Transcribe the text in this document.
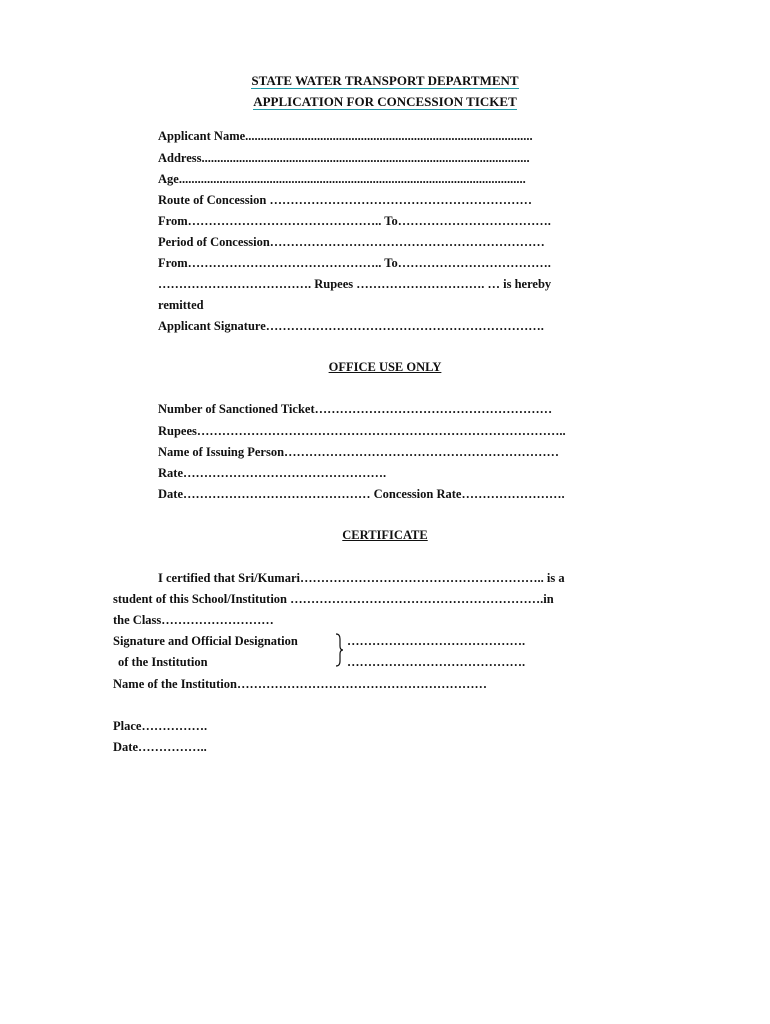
STATE WATER TRANSPORT DEPARTMENT
APPLICATION FOR CONCESSION TICKET
Applicant Name............................................................................................
Address.........................................................................................................
Age...............................................................................................................
Route of Concession ………………………………………………………
From……………………………………….. To……………………………….
Period of Concession…………………………………………………………
From……………………………………….. To……………………………….
………………………………. Rupees …………………………. … is hereby
remitted
Applicant Signature………………………………………………………….
OFFICE USE ONLY
Number of Sanctioned Ticket…………………………………………………
Rupees……………………………………………………………………………..
Name of Issuing Person…………………………………………………………
Rate………………………………………….
Date……………………………………… Concession Rate…………………….
CERTIFICATE
I certified that Sri/Kumari………………………………………………….. is a
student of this School/Institution …………………………………………………….in
the Class………………………
Signature and Official Designation	…………………………………….
of the Institution	…………………………………….
Name of the Institution……………………………………………………
Place…………….
Date……………..
